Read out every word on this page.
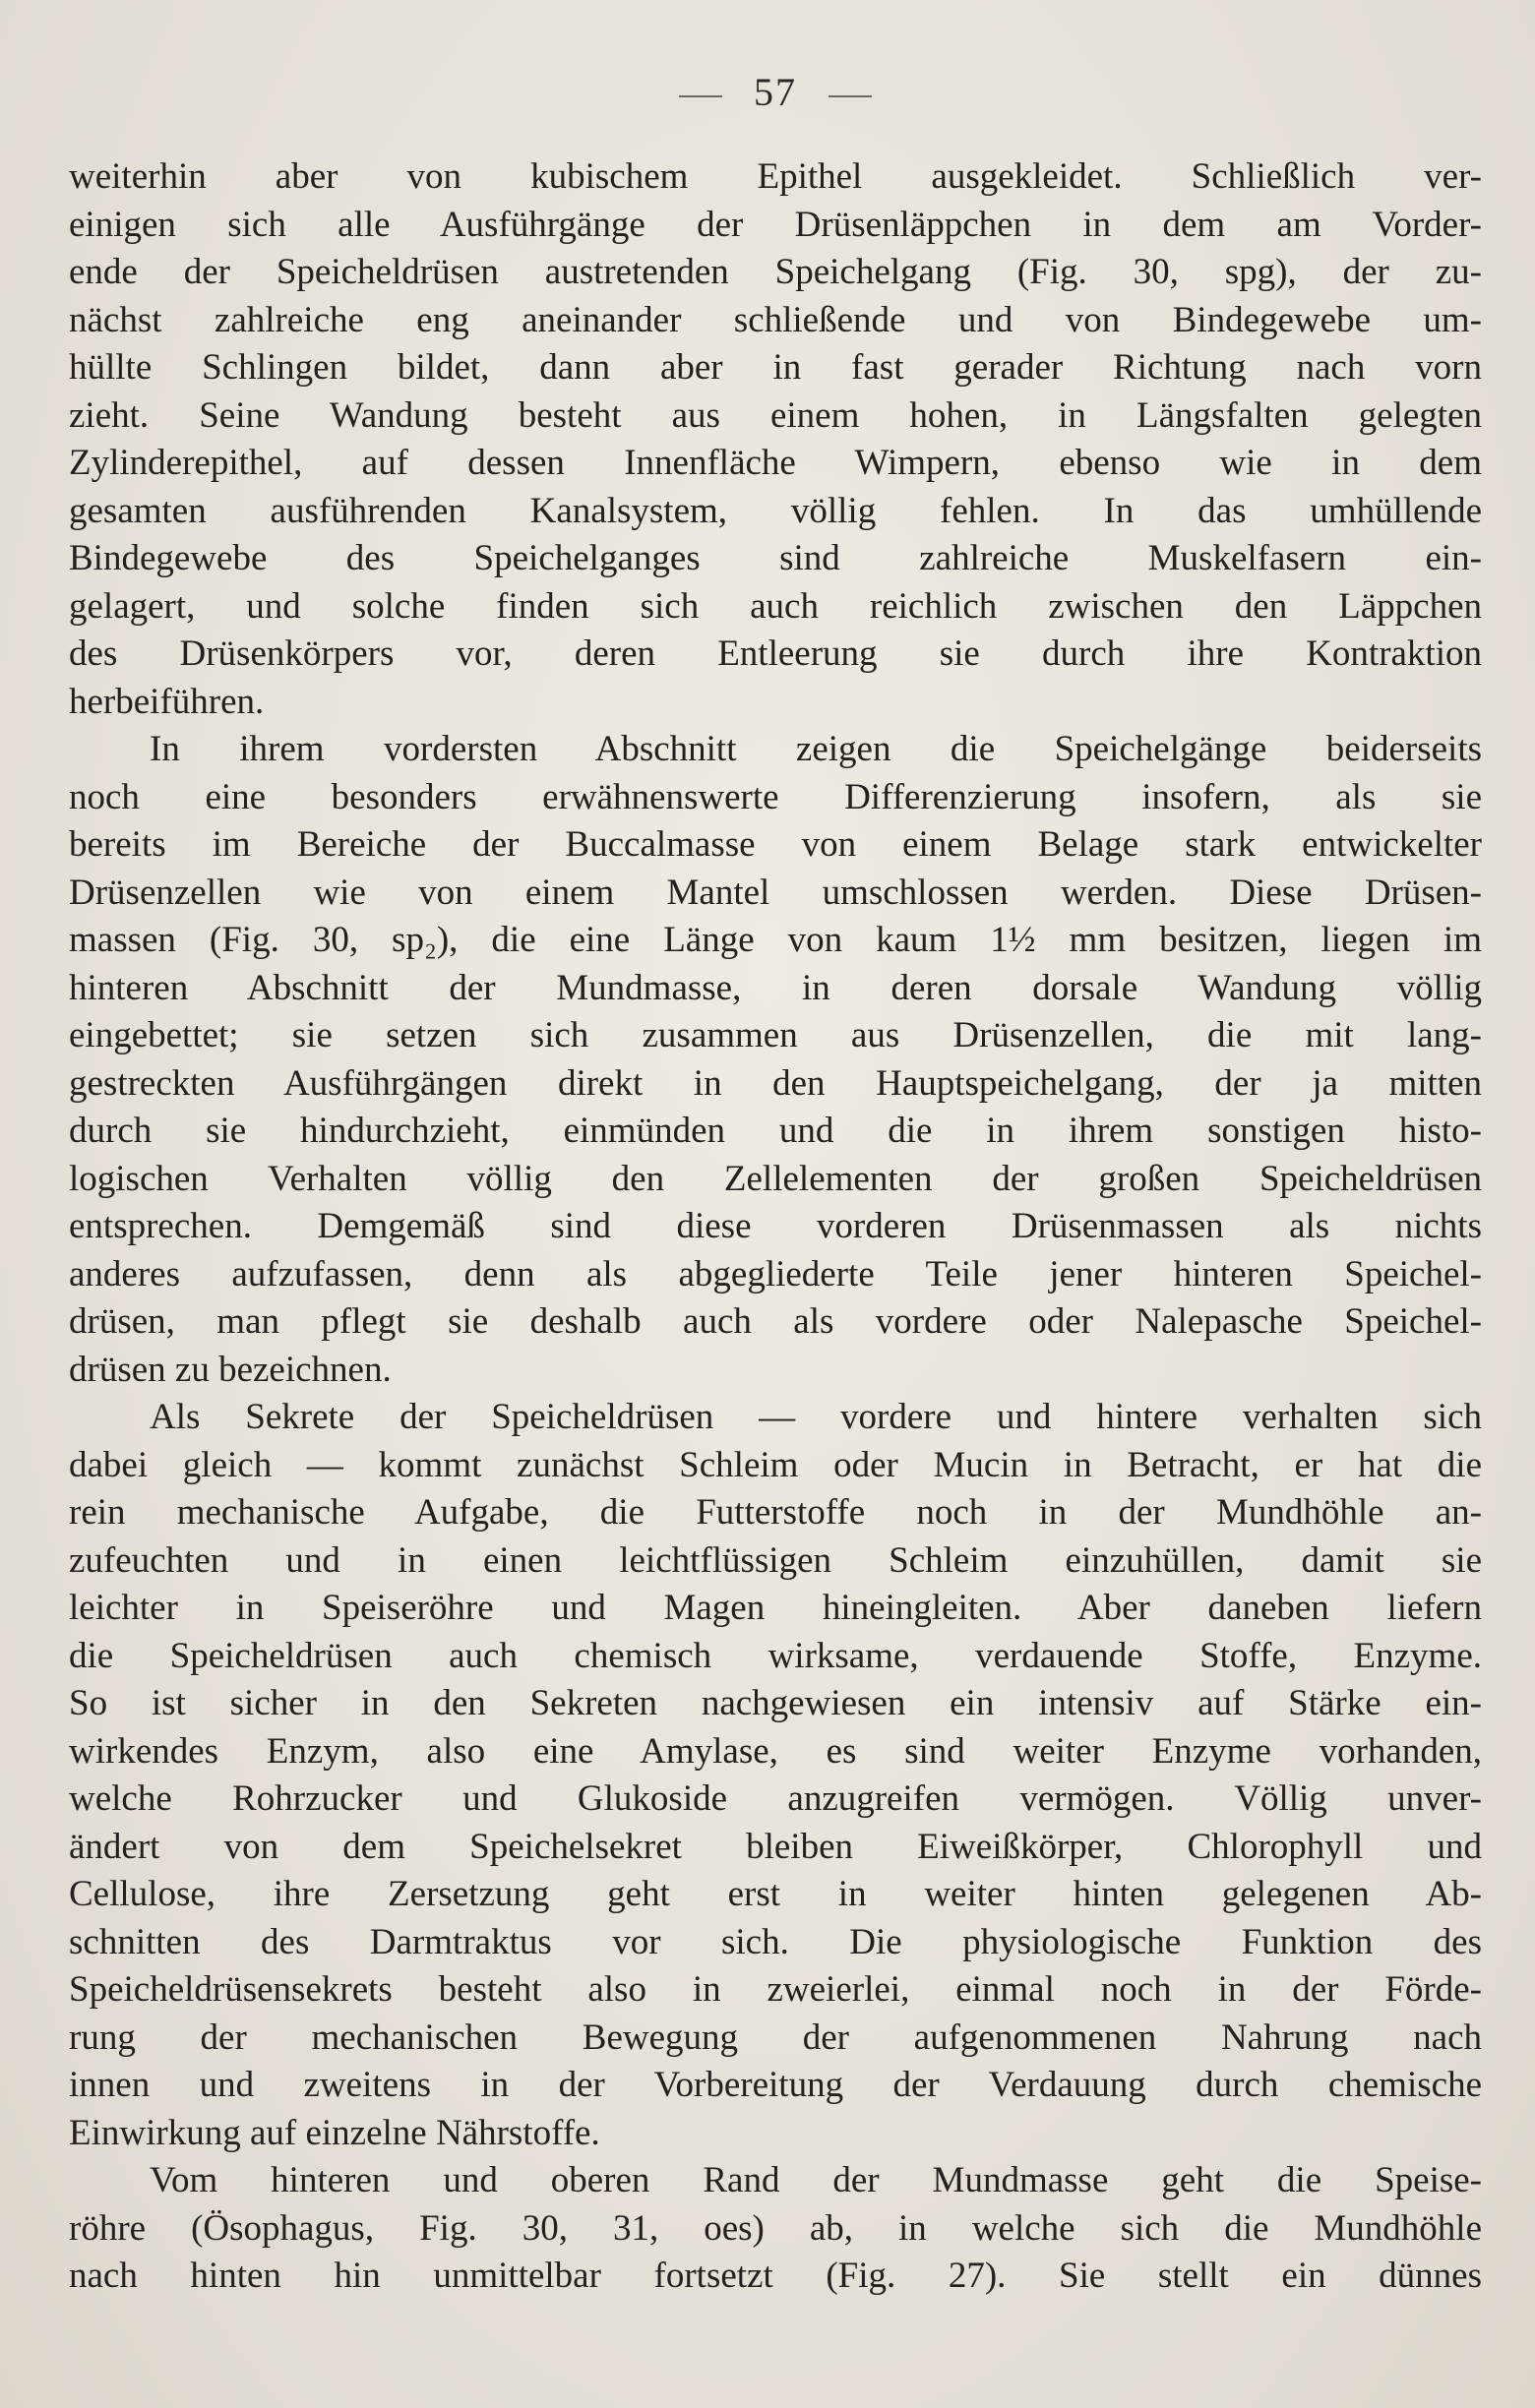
57
weiterhin aber von kubischem Epithel ausgekleidet. Schließlich ver-
einigen sich alle Ausführgänge der Drüsenläppchen in dem am Vorder-
ende der Speicheldrüsen austretenden Speichelgang (Fig. 30, spg), der zu-
nächst zahlreiche eng aneinander schließende und von Bindegewebe um-
hüllte Schlingen bildet, dann aber in fast gerader Richtung nach vorn
zieht. Seine Wandung besteht aus einem hohen, in Längsfalten gelegten
Zylinderepithel, auf dessen Innenfläche Wimpern, ebenso wie in dem
gesamten ausführenden Kanalsystem, völlig fehlen. In das umhüllende
Bindegewebe des Speichelganges sind zahlreiche Muskelfasern ein-
gelagert, und solche finden sich auch reichlich zwischen den Läppchen
des Drüsenkörpers vor, deren Entleerung sie durch ihre Kontraktion
herbeiführen.
In ihrem vordersten Abschnitt zeigen die Speichelgänge beiderseits
noch eine besonders erwähnenswerte Differenzierung insofern, als sie
bereits im Bereiche der Buccalmasse von einem Belage stark entwickelter
Drüsenzellen wie von einem Mantel umschlossen werden. Diese Drüsen-
massen (Fig. 30, sp₂), die eine Länge von kaum 1½ mm besitzen, liegen im
hinteren Abschnitt der Mundmasse, in deren dorsale Wandung völlig
eingebettet; sie setzen sich zusammen aus Drüsenzellen, die mit lang-
gestreckten Ausführgängen direkt in den Hauptspeichelgang, der ja mitten
durch sie hindurchzieht, einmünden und die in ihrem sonstigen histo-
logischen Verhalten völlig den Zellelementen der großen Speicheldrüsen
entsprechen. Demgemäß sind diese vorderen Drüsenmassen als nichts
anderes aufzufassen, denn als abgegliederte Teile jener hinteren Speichel-
drüsen, man pflegt sie deshalb auch als vordere oder Nalepasche Speichel-
drüsen zu bezeichnen.
Als Sekrete der Speicheldrüsen — vordere und hintere verhalten sich
dabei gleich — kommt zunächst Schleim oder Mucin in Betracht, er hat die
rein mechanische Aufgabe, die Futterstoffe noch in der Mundhöhle an-
zufeuchten und in einen leichtflüssigen Schleim einzuhüllen, damit sie
leichter in Speiseröhre und Magen hineingleiten. Aber daneben liefern
die Speicheldrüsen auch chemisch wirksame, verdauende Stoffe, Enzyme.
So ist sicher in den Sekreten nachgewiesen ein intensiv auf Stärke ein-
wirkendes Enzym, also eine Amylase, es sind weiter Enzyme vorhanden,
welche Rohrzucker und Glukoside anzugreifen vermögen. Völlig unver-
ändert von dem Speichelsekret bleiben Eiweißkörper, Chlorophyll und
Cellulose, ihre Zersetzung geht erst in weiter hinten gelegenen Ab-
schnitten des Darmtraktus vor sich. Die physiologische Funktion des
Speicheldrüsensekrets besteht also in zweierlei, einmal noch in der Förde-
rung der mechanischen Bewegung der aufgenommenen Nahrung nach
innen und zweitens in der Vorbereitung der Verdauung durch chemische
Einwirkung auf einzelne Nährstoffe.
Vom hinteren und oberen Rand der Mundmasse geht die Speise-
röhre (Ösophagus, Fig. 30, 31, oes) ab, in welche sich die Mundhöhle
nach hinten hin unmittelbar fortsetzt (Fig. 27). Sie stellt ein dünnes
